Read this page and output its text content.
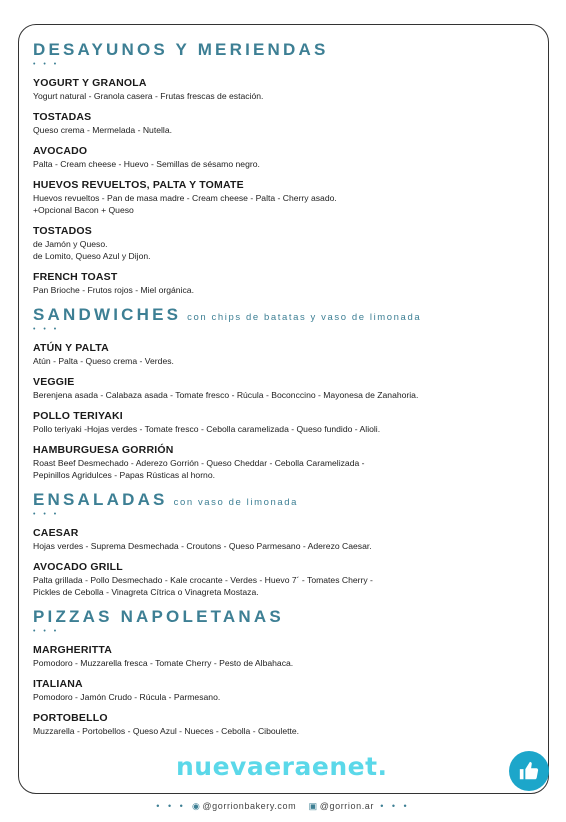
DESAYUNOS Y MERIENDAS
• • •
YOGURT Y GRANOLA
Yogurt natural - Granola casera - Frutas frescas de estación.
TOSTADAS
Queso crema - Mermelada - Nutella.
AVOCADO
Palta - Cream cheese - Huevo - Semillas de sésamo negro.
HUEVOS REVUELTOS, PALTA Y TOMATE
Huevos revueltos - Pan de masa madre - Cream cheese - Palta - Cherry asado.
+Opcional Bacon + Queso
TOSTADOS
de Jamón y Queso.
de Lomito, Queso Azul y Dijon.
FRENCH TOAST
Pan Brioche - Frutos rojos - Miel orgánica.
SANDWICHES con chips de batatas y vaso de limonada
• • •
ATÚN Y PALTA
Atún - Palta - Queso crema - Verdes.
VEGGIE
Berenjena asada - Calabaza asada - Tomate fresco - Rúcula - Boconccino - Mayonesa de Zanahoria.
POLLO TERIYAKI
Pollo teriyaki -Hojas verdes - Tomate fresco - Cebolla caramelizada - Queso fundido - Alioli.
HAMBURGUESA GORRIÓN
Roast Beef Desmechado - Aderezo Gorrión - Queso Cheddar - Cebolla Caramelizada -
Pepinillos Agridulces - Papas Rústicas al horno.
ENSALADAS con vaso de limonada
• • •
CAESAR
Hojas verdes - Suprema Desmechada - Croutons - Queso Parmesano - Aderezo Caesar.
AVOCADO GRILL
Palta grillada - Pollo Desmechado - Kale crocante - Verdes - Huevo 7´ - Tomates Cherry -
Pickles de Cebolla - Vinagreta Cítrica o Vinagreta Mostaza.
PIZZAS NAPOLETANAS
• • •
MARGHERITTA
Pomodoro - Muzzarella fresca - Tomate Cherry - Pesto de Albahaca.
ITALIANA
Pomodoro - Jamón Crudo - Rúcula - Parmesano.
PORTOBELLO
Muzzarella - Portobellos - Queso Azul - Nueces - Cebolla - Ciboulette.
nuevaeraenet.
• • • ◉ @gorrionbakery.com ▣ @gorrion.ar • • •
